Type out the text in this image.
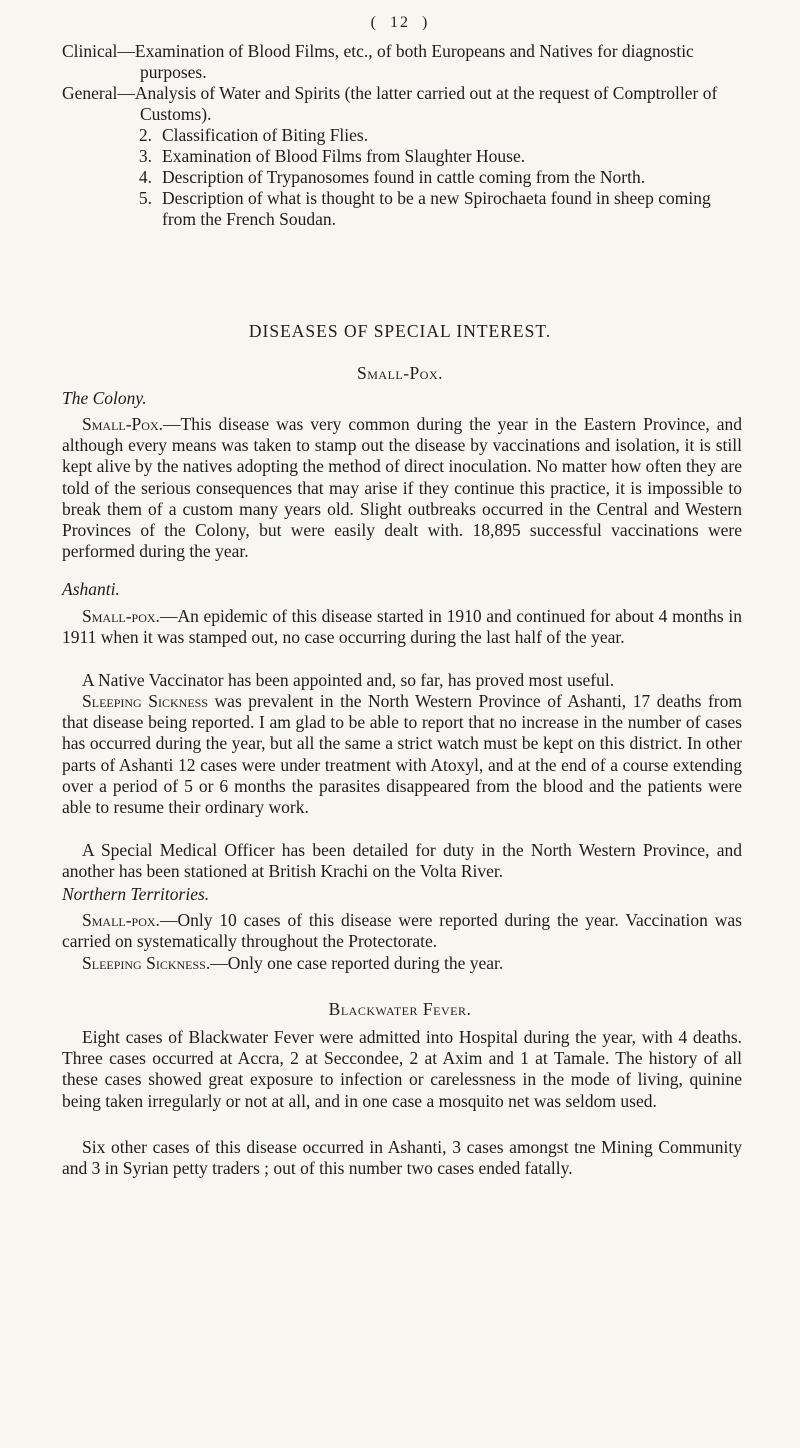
( 12 )

Clinical—Examination of Blood Films, etc., of both Europeans and Natives for diagnostic purposes.

General—Analysis of Water and Spirits (the latter carried out at the request of Comptroller of Customs).

2. Classification of Biting Flies.
3. Examination of Blood Films from Slaughter House.
4. Description of Trypanosomes found in cattle coming from the North.
5. Description of what is thought to be a new Spirochaeta found in sheep coming from the French Soudan.
DISEASES OF SPECIAL INTEREST.
Small-Pox.
The Colony.

Small-Pox.—This disease was very common during the year in the Eastern Province, and although every means was taken to stamp out the disease by vaccinations and isolation, it is still kept alive by the natives adopting the method of direct inoculation. No matter how often they are told of the serious consequences that may arise if they continue this practice, it is impossible to break them of a custom many years old. Slight outbreaks occurred in the Central and Western Provinces of the Colony, but were easily dealt with. 18,895 successful vaccinations were performed during the year.

Ashanti.

Small-pox.—An epidemic of this disease started in 1910 and continued for about 4 months in 1911 when it was stamped out, no case occurring during the last half of the year.

A Native Vaccinator has been appointed and, so far, has proved most useful.

Sleeping Sickness was prevalent in the North Western Province of Ashanti, 17 deaths from that disease being reported. I am glad to be able to report that no increase in the number of cases has occurred during the year, but all the same a strict watch must be kept on this district. In other parts of Ashanti 12 cases were under treatment with Atoxyl, and at the end of a course extending over a period of 5 or 6 months the parasites disappeared from the blood and the patients were able to resume their ordinary work.

A Special Medical Officer has been detailed for duty in the North Western Province, and another has been stationed at British Krachi on the Volta River.

Northern Territories.

Small-pox.—Only 10 cases of this disease were reported during the year. Vaccination was carried on systematically throughout the Protectorate.

Sleeping Sickness.—Only one case reported during the year.

Blackwater Fever.

Eight cases of Blackwater Fever were admitted into Hospital during the year, with 4 deaths. Three cases occurred at Accra, 2 at Seccondee, 2 at Axim and 1 at Tamale. The history of all these cases showed great exposure to infection or carelessness in the mode of living, quinine being taken irregularly or not at all, and in one case a mosquito net was seldom used.

Six other cases of this disease occurred in Ashanti, 3 cases amongst tne Mining Community and 3 in Syrian petty traders ; out of this number two cases ended fatally.
